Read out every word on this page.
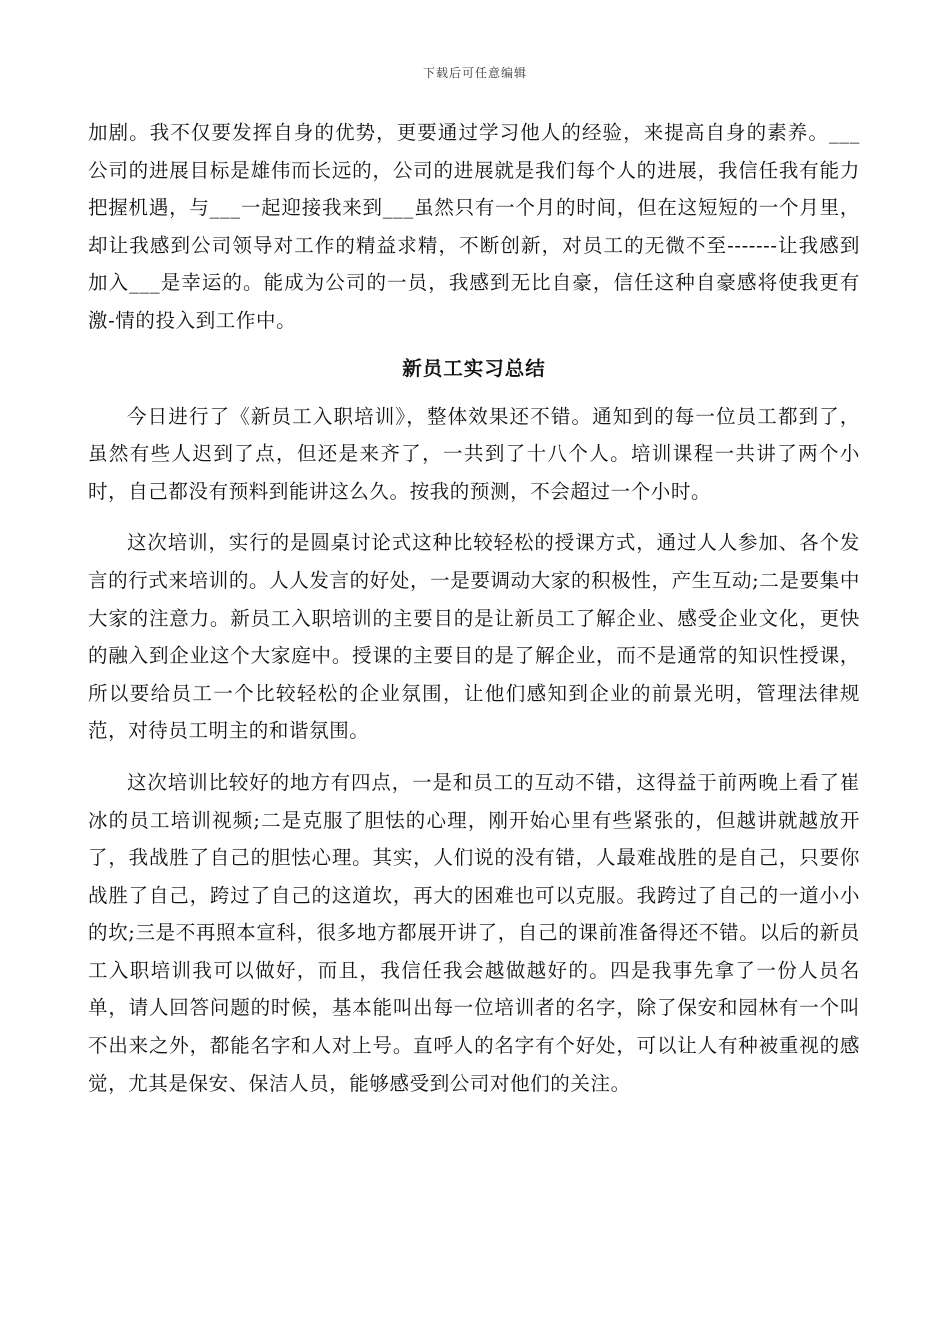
下载后可任意编辑

加剧。我不仅要发挥自身的优势，更要通过学习他人的经验，来提高自身的素养。___公司的进展目标是雄伟而长远的，公司的进展就是我们每个人的进展，我信任我有能力把握机遇，与___一起迎接我来到___虽然只有一个月的时间，但在这短短的一个月里，却让我感到公司领导对工作的精益求精，不断创新，对员工的无微不至-------让我感到加入___是幸运的。能成为公司的一员，我感到无比自豪，信任这种自豪感将使我更有激-情的投入到工作中。

新员工实习总结

今日进行了《新员工入职培训》，整体效果还不错。通知到的每一位员工都到了，虽然有些人迟到了点，但还是来齐了，一共到了十八个人。培训课程一共讲了两个小时，自己都没有预料到能讲这么久。按我的预测，不会超过一个小时。

这次培训，实行的是圆桌讨论式这种比较轻松的授课方式，通过人人参加、各个发言的行式来培训的。人人发言的好处，一是要调动大家的积极性，产生互动;二是要集中大家的注意力。新员工入职培训的主要目的是让新员工了解企业、感受企业文化，更快的融入到企业这个大家庭中。授课的主要目的是了解企业，而不是通常的知识性授课，所以要给员工一个比较轻松的企业氛围，让他们感知到企业的前景光明，管理法律规范，对待员工明主的和谐氛围。

这次培训比较好的地方有四点，一是和员工的互动不错，这得益于前两晚上看了崔冰的员工培训视频;二是克服了胆怯的心理，刚开始心里有些紧张的，但越讲就越放开了，我战胜了自己的胆怯心理。其实，人们说的没有错，人最难战胜的是自己，只要你战胜了自己，跨过了自己的这道坎，再大的困难也可以克服。我跨过了自己的一道小小的坎;三是不再照本宣科，很多地方都展开讲了，自己的课前准备得还不错。以后的新员工入职培训我可以做好，而且，我信任我会越做越好的。四是我事先拿了一份人员名单，请人回答问题的时候，基本能叫出每一位培训者的名字，除了保安和园林有一个叫不出来之外，都能名字和人对上号。直呼人的名字有个好处，可以让人有种被重视的感觉，尤其是保安、保洁人员，能够感受到公司对他们的关注。
